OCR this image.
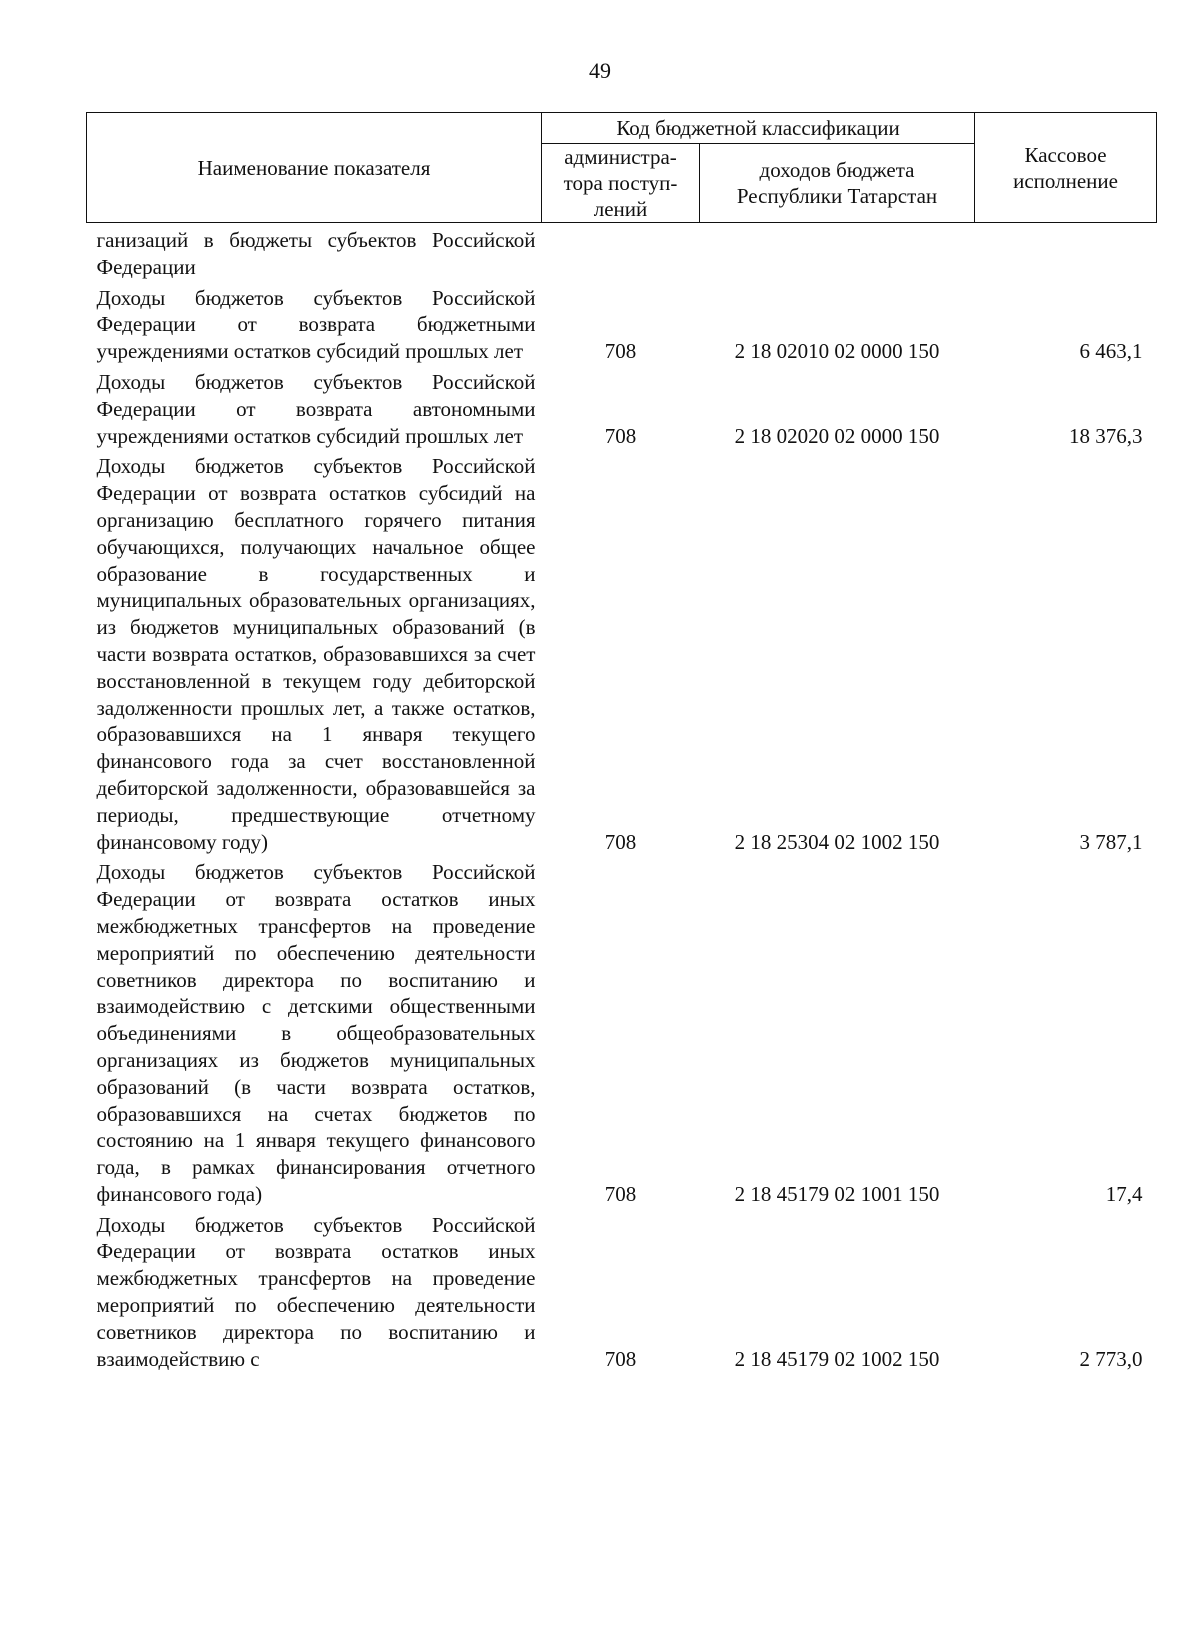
49
Наименование показателя	Код бюджетной классификации		Кассовое исполнение
	администра-тора поступ-лений	доходов бюджета Республики Татарстан	
ганизаций в бюджеты субъектов Российской Федерации			
Доходы бюджетов субъектов Российской Федерации от возврата бюджетными учреждениями остатков субсидий прошлых лет	708	2 18 02010 02 0000 150	6 463,1
Доходы бюджетов субъектов Российской Федерации от возврата автономными учреждениями остатков субсидий прошлых лет	708	2 18 02020 02 0000 150	18 376,3
Доходы бюджетов субъектов Российской Федерации от возврата остатков субсидий на организацию бесплатного горячего питания обучающихся, получающих начальное общее образование в государственных и муниципальных образовательных организациях, из бюджетов муниципальных образований (в части возврата остатков, образовавшихся за счет восстановленной в текущем году дебиторской задолженности прошлых лет, а также остатков, образовавшихся на 1 января текущего финансового года за счет восстановленной дебиторской задолженности, образовавшейся за периоды, предшествующие отчетному финансовому году)	708	2 18 25304 02 1002 150	3 787,1
Доходы бюджетов субъектов Российской Федерации от возврата остатков иных межбюджетных трансфертов на проведение мероприятий по обеспечению деятельности советников директора по воспитанию и взаимодействию с детскими общественными объединениями в общеобразовательных организациях из бюджетов муниципальных образований (в части возврата остатков, образовавшихся на счетах бюджетов по состоянию на 1 января текущего финансового года, в рамках финансирования отчетного финансового года)	708	2 18 45179 02 1001 150	17,4
Доходы бюджетов субъектов Российской Федерации от возврата остатков иных межбюджетных трансфертов на проведение мероприятий по обеспечению деятельности советников директора по воспитанию и взаимодействию с	708	2 18 45179 02 1002 150	2 773,0
